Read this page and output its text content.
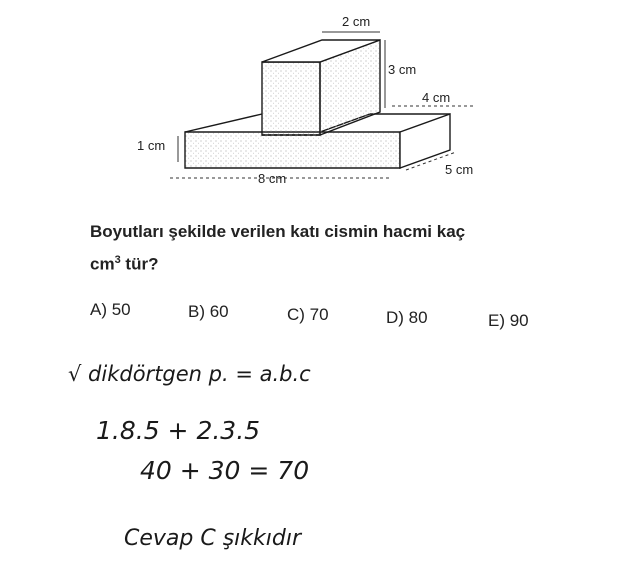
2 cm
3 cm
4 cm
5 cm
1 cm
8 cm
Boyutları şekilde verilen katı cismin hacmi kaç
$cm^3$ tür?
A) 50	B) 60	C) 70	D) 80	E) 90
√ dikdörtgen p. = a.b.c
1.8.5 + 2.3.5
40 + 30 = 70
Cevap C şıkkıdır
